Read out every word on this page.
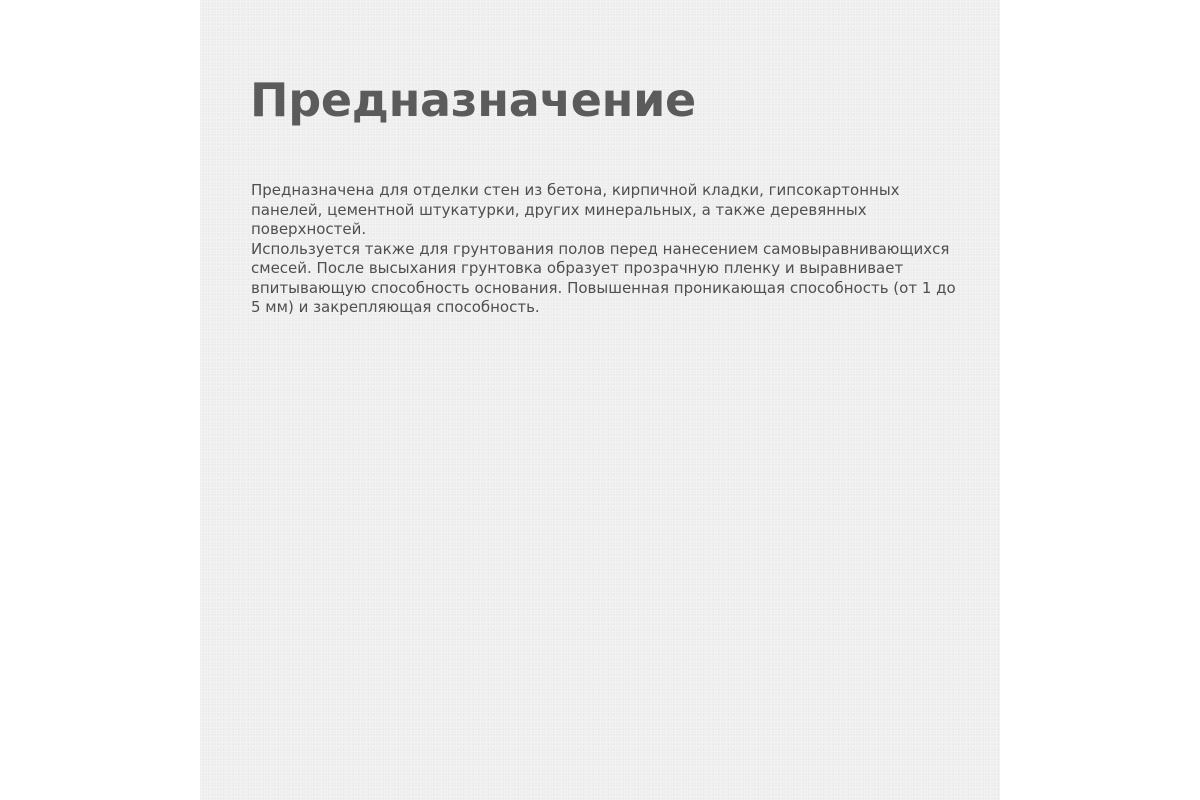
Предназначение

Предназначена для отделки стен из бетона, кирпичной кладки, гипсокартонных панелей, цементной штукатурки, других минеральных, а также деревянных поверхностей.

Используется также для грунтования полов перед нанесением самовыравнивающихся смесей. После высыхания грунтовка образует прозрачную пленку и выравнивает впитывающую способность основания. Повышенная проникающая способность (от 1 до 5 мм) и закрепляющая способность.
